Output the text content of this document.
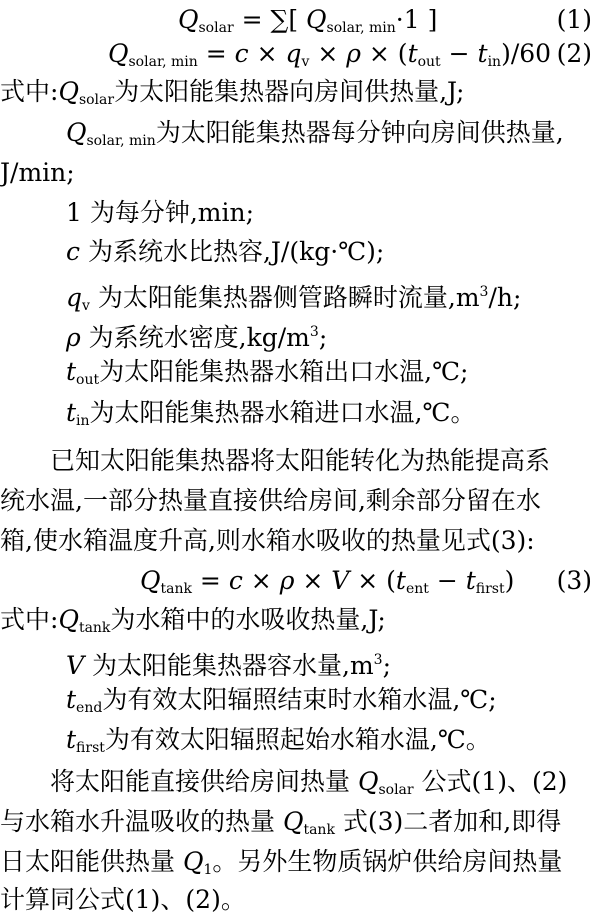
$Q_{solar}$ = ∑[ $Q_{solar, min}\cdot 1$ ]	(1)
$Q_{solar, min} = c \times q_v \times \rho \times (t_{out} - t_{in})/60$ (2)
式中$:Q_{solar}$为太阳能集热器向房间供热量,J;
$Q_{solar, min}$为太阳能集热器每分钟向房间供热量,
J/min;
1 为每分钟,min;
c 为系统水比热容,J/(kg·℃);
$q_v$ 为太阳能集热器侧管路瞬时流量$,m^3/h$;
ρ 为系统水密度$,kg/m^3$;
$t_{out}$为太阳能集热器水箱出口水温,℃;
$t_{in}$为太阳能集热器水箱进口水温,℃。
已知太阳能集热器将太阳能转化为热能提高系
统水温,一部分热量直接供给房间,剩余部分留在水
箱,使水箱温度升高,则水箱水吸收的热量见式(3):
$Q_{tank} = c \times \rho \times V \times (t_{ent} - t_{first})$ (3)
式中$:Q_{tank}$为水箱中的水吸收热量,J;
V 为太阳能集热器容水量$,m^3$;
$t_{end}$为有效太阳辐照结束时水箱水温,℃;
$t_{first}$为有效太阳辐照起始水箱水温,℃。
将太阳能直接供给房间热量 $Q_{solar}$ 公式(1)、(2)
与水箱水升温吸收的热量 $Q_{tank}$ 式(3)二者加和,即得
日太阳能供热量 $Q_1$。另外生物质锅炉供给房间热量
计算同公式(1)、(2)。
